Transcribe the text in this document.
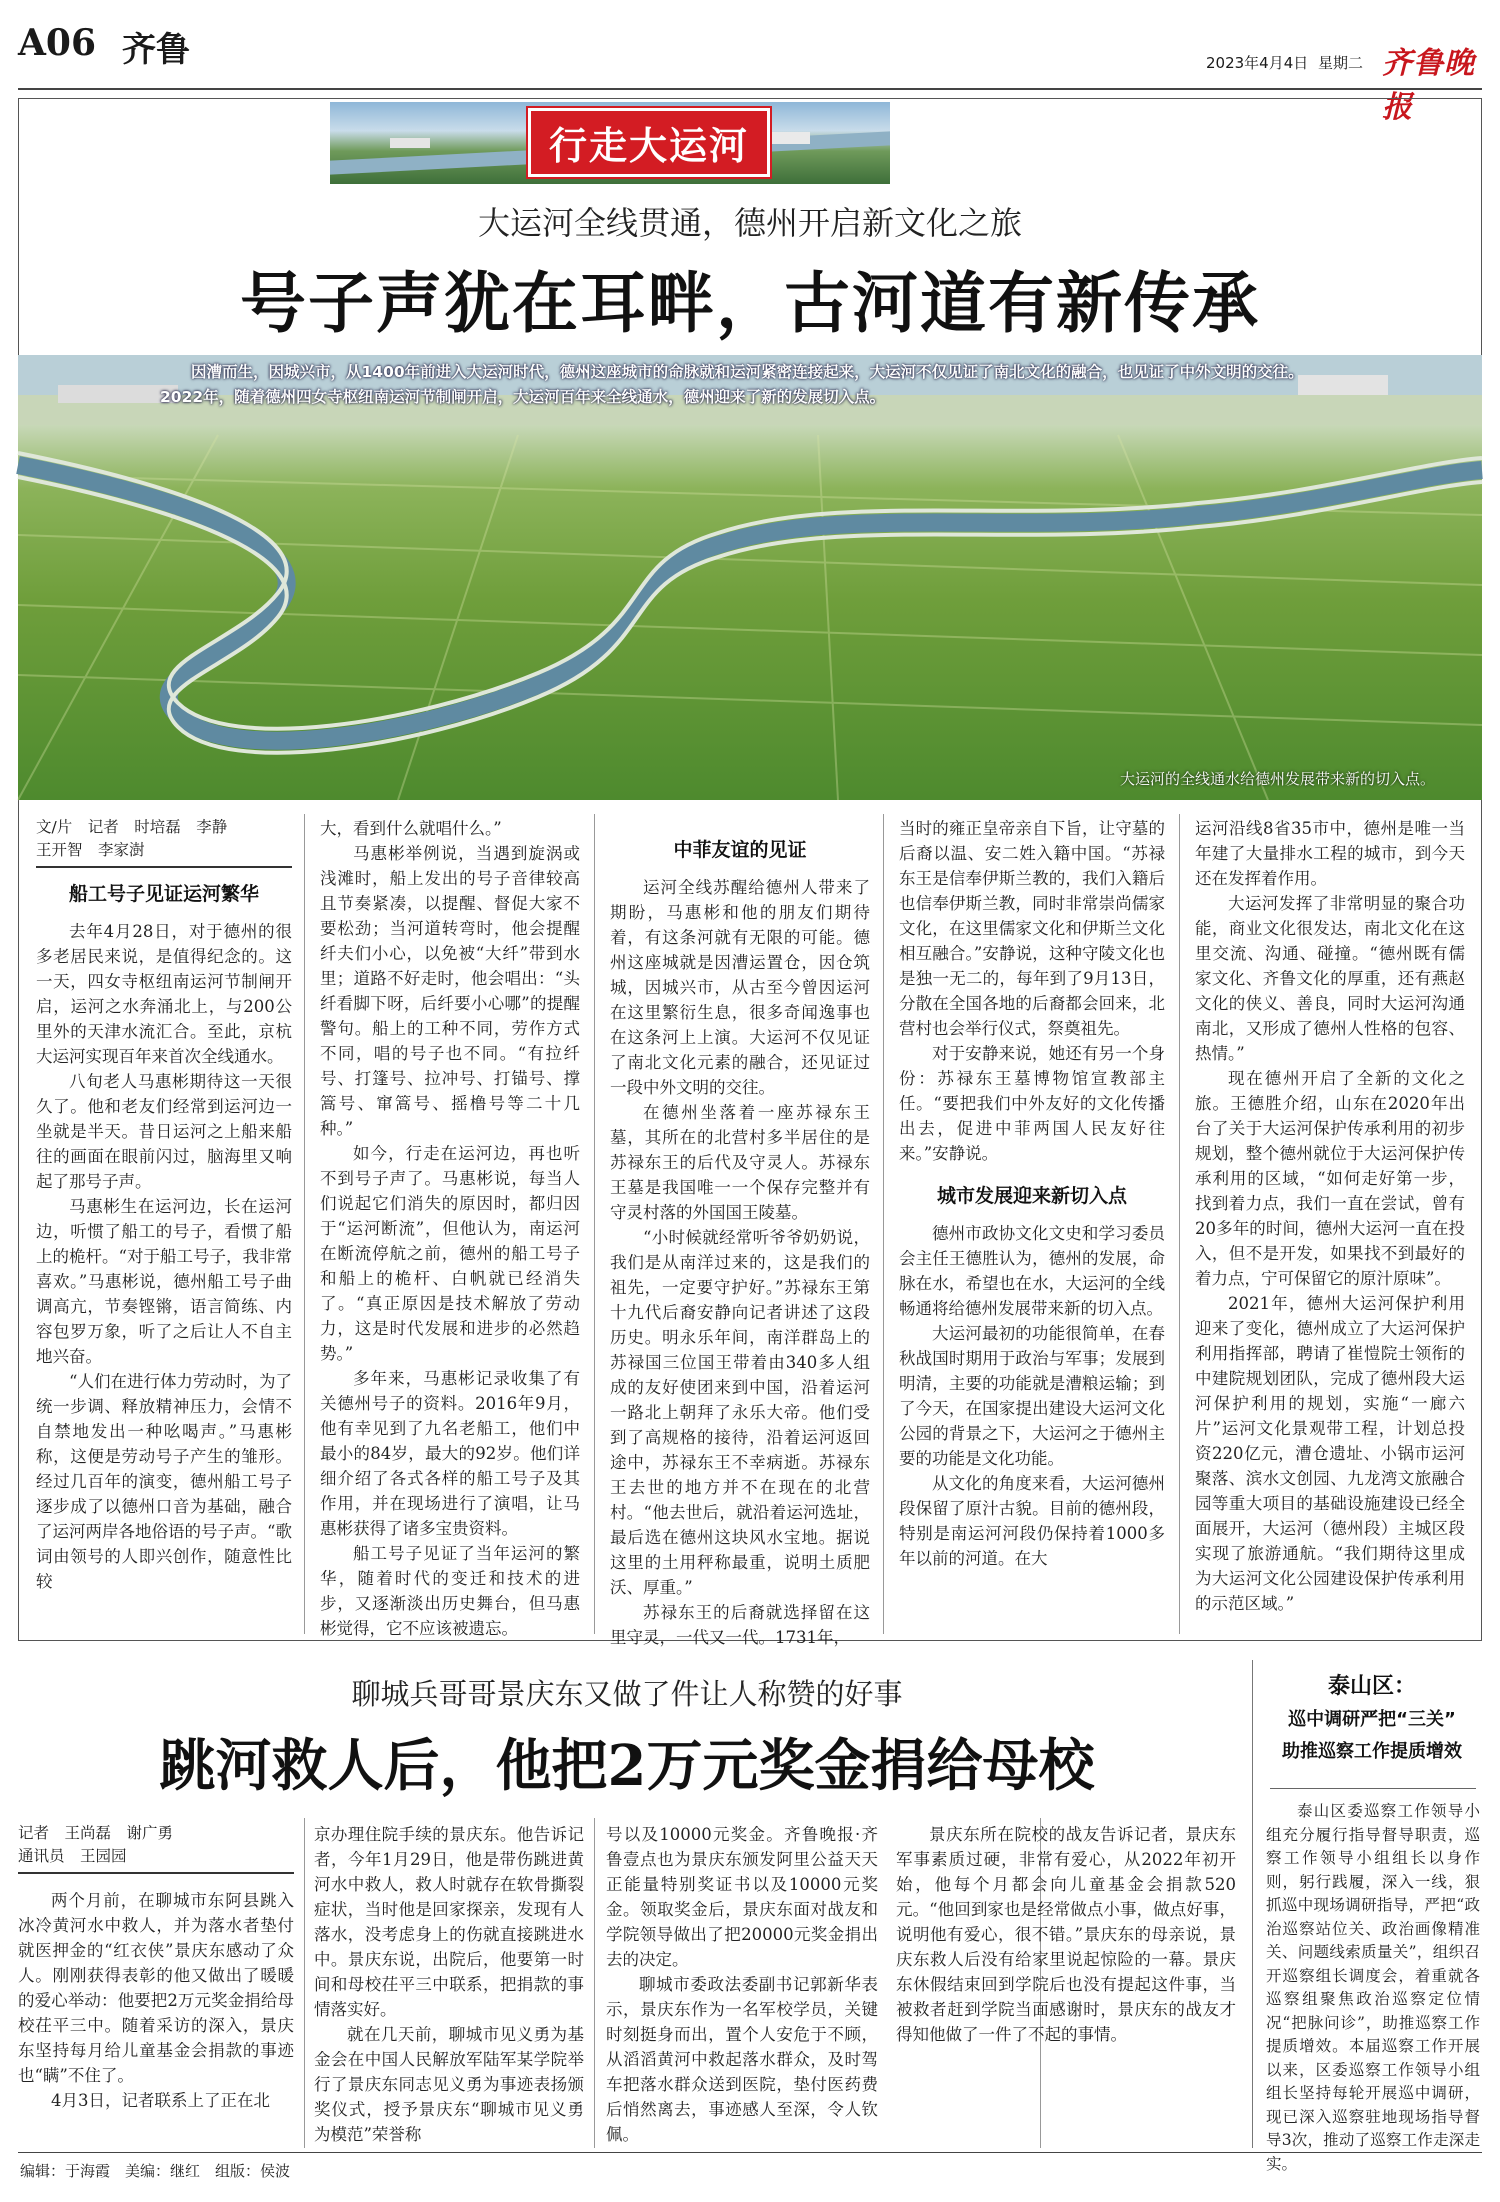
A06 齐鲁	2023年4月4日 星期二 齐鲁晚报
行走大运河
大运河全线贯通，德州开启新文化之旅
号子声犹在耳畔，古河道有新传承
因漕而生，因城兴市，从1400年前进入大运河时代，德州这座城市的命脉就和运河紧密连接起来，大运河不仅见证了南北文化的融合，也见证了中外文明的交往。2022年，随着德州四女寺枢纽南运河节制闸开启，大运河百年来全线通水，德州迎来了新的发展切入点。
大运河的全线通水给德州发展带来新的切入点。
文/片　记者　时培磊　李静
王开智　李家澍
船工号子见证运河繁华

去年4月28日，对于德州的很多老居民来说，是值得纪念的。这一天，四女寺枢纽南运河节制闸开启，运河之水奔涌北上，与200公里外的天津水流汇合。至此，京杭大运河实现百年来首次全线通水。

八旬老人马惠彬期待这一天很久了。他和老友们经常到运河边一坐就是半天。昔日运河之上船来船往的画面在眼前闪过，脑海里又响起了那号子声。

马惠彬生在运河边，长在运河边，听惯了船工的号子，看惯了船上的桅杆。“对于船工号子，我非常喜欢。”马惠彬说，德州船工号子曲调高亢，节奏铿锵，语言简练、内容包罗万象，听了之后让人不自主地兴奋。

“人们在进行体力劳动时，为了统一步调、释放精神压力，会情不自禁地发出一种吆喝声。”马惠彬称，这便是劳动号子产生的雏形。经过几百年的演变，德州船工号子逐步成了以德州口音为基础，融合了运河两岸各地俗语的号子声。“歌词由领号的人即兴创作，随意性比较

大，看到什么就唱什么。”

马惠彬举例说，当遇到旋涡或浅滩时，船上发出的号子音律较高且节奏紧凑，以提醒、督促大家不要松劲；当河道转弯时，他会提醒纤夫们小心，以免被“大纤”带到水里；道路不好走时，他会唱出：“头纤看脚下呀，后纤要小心哪”的提醒警句。船上的工种不同，劳作方式不同，唱的号子也不同。“有拉纤号、打篷号、拉冲号、打锚号、撑篙号、窜篙号、摇橹号等二十几种。”

如今，行走在运河边，再也听不到号子声了。马惠彬说，每当人们说起它们消失的原因时，都归因于“运河断流”，但他认为，南运河在断流停航之前，德州的船工号子和船上的桅杆、白帆就已经消失了。“真正原因是技术解放了劳动力，这是时代发展和进步的必然趋势。”

多年来，马惠彬记录收集了有关德州号子的资料。2016年9月，他有幸见到了九名老船工，他们中最小的84岁，最大的92岁。他们详细介绍了各式各样的船工号子及其作用，并在现场进行了演唱，让马惠彬获得了诸多宝贵资料。

船工号子见证了当年运河的繁华，随着时代的变迁和技术的进步，又逐渐淡出历史舞台，但马惠彬觉得，它不应该被遗忘。

中菲友谊的见证

运河全线苏醒给德州人带来了期盼，马惠彬和他的朋友们期待着，有这条河就有无限的可能。德州这座城就是因漕运置仓，因仓筑城，因城兴市，从古至今曾因运河在这里繁衍生息，很多奇闻逸事也在这条河上上演。大运河不仅见证了南北文化元素的融合，还见证过一段中外文明的交往。

在德州坐落着一座苏禄东王墓，其所在的北营村多半居住的是苏禄东王的后代及守灵人。苏禄东王墓是我国唯一一个保存完整并有守灵村落的外国国王陵墓。

“小时候就经常听爷爷奶奶说，我们是从南洋过来的，这是我们的祖先，一定要守护好。”苏禄东王第十九代后裔安静向记者讲述了这段历史。明永乐年间，南洋群岛上的苏禄国三位国王带着由340多人组成的友好使团来到中国，沿着运河一路北上朝拜了永乐大帝。他们受到了高规格的接待，沿着运河返回途中，苏禄东王不幸病逝。苏禄东王去世的地方并不在现在的北营村。“他去世后，就沿着运河选址，最后选在德州这块风水宝地。据说这里的土用秤称最重，说明土质肥沃、厚重。”

苏禄东王的后裔就选择留在这里守灵，一代又一代。1731年，

当时的雍正皇帝亲自下旨，让守墓的后裔以温、安二姓入籍中国。“苏禄东王是信奉伊斯兰教的，我们入籍后也信奉伊斯兰教，同时非常崇尚儒家文化，在这里儒家文化和伊斯兰文化相互融合。”安静说，这种守陵文化也是独一无二的，每年到了9月13日，分散在全国各地的后裔都会回来，北营村也会举行仪式，祭奠祖先。

对于安静来说，她还有另一个身份：苏禄东王墓博物馆宣教部主任。“要把我们中外友好的文化传播出去，促进中菲两国人民友好往来。”安静说。

城市发展迎来新切入点

德州市政协文化文史和学习委员会主任王德胜认为，德州的发展，命脉在水，希望也在水，大运河的全线畅通将给德州发展带来新的切入点。

大运河最初的功能很简单，在春秋战国时期用于政治与军事；发展到明清，主要的功能就是漕粮运输；到了今天，在国家提出建设大运河文化公园的背景之下，大运河之于德州主要的功能是文化功能。

从文化的角度来看，大运河德州段保留了原汁古貌。目前的德州段，特别是南运河河段仍保持着1000多年以前的河道。在大

运河沿线8省35市中，德州是唯一当年建了大量排水工程的城市，到今天还在发挥着作用。

大运河发挥了非常明显的聚合功能，商业文化很发达，南北文化在这里交流、沟通、碰撞。“德州既有儒家文化、齐鲁文化的厚重，还有燕赵文化的侠义、善良，同时大运河沟通南北，又形成了德州人性格的包容、热情。”

现在德州开启了全新的文化之旅。王德胜介绍，山东在2020年出台了关于大运河保护传承利用的初步规划，整个德州就位于大运河保护传承利用的区域，“如何走好第一步，找到着力点，我们一直在尝试，曾有20多年的时间，德州大运河一直在投入，但不是开发，如果找不到最好的着力点，宁可保留它的原汁原味”。

2021年，德州大运河保护利用迎来了变化，德州成立了大运河保护利用指挥部，聘请了崔愷院士领衔的中建院规划团队，完成了德州段大运河保护利用的规划，实施“一廊六片”运河文化景观带工程，计划总投资220亿元，漕仓遗址、小锅市运河聚落、滨水文创园、九龙湾文旅融合园等重大项目的基础设施建设已经全面展开，大运河（德州段）主城区段实现了旅游通航。“我们期待这里成为大运河文化公园建设保护传承利用的示范区域。”

聊城兵哥哥景庆东又做了件让人称赞的好事
跳河救人后，他把2万元奖金捐给母校
记者　王尚磊　谢广勇
通讯员　王园园

两个月前，在聊城市东阿县跳入冰冷黄河水中救人，并为落水者垫付就医押金的“红衣侠”景庆东感动了众人。刚刚获得表彰的他又做出了暖暖的爱心举动：他要把2万元奖金捐给母校茌平三中。随着采访的深入，景庆东坚持每月给儿童基金会捐款的事迹也“瞒”不住了。

4月3日，记者联系上了正在北

京办理住院手续的景庆东。他告诉记者，今年1月29日，他是带伤跳进黄河水中救人，救人时就存在软骨撕裂症状，当时他是回家探亲，发现有人落水，没考虑身上的伤就直接跳进水中。景庆东说，出院后，他要第一时间和母校茌平三中联系，把捐款的事情落实好。

就在几天前，聊城市见义勇为基金会在中国人民解放军陆军某学院举行了景庆东同志见义勇为事迹表扬颁奖仪式，授予景庆东“聊城市见义勇为模范”荣誉称

号以及10000元奖金。齐鲁晚报·齐鲁壹点也为景庆东颁发阿里公益天天正能量特别奖证书以及10000元奖金。领取奖金后，景庆东面对战友和学院领导做出了把20000元奖金捐出去的决定。

聊城市委政法委副书记郭新华表示，景庆东作为一名军校学员，关键时刻挺身而出，置个人安危于不顾，从滔滔黄河中救起落水群众，及时驾车把落水群众送到医院，垫付医药费后悄然离去，事迹感人至深，令人钦佩。

景庆东所在院校的战友告诉记者，景庆东军事素质过硬，非常有爱心，从2022年初开始，他每个月都会向儿童基金会捐款520元。“他回到家也是经常做点小事，做点好事，说明他有爱心，很不错。”景庆东的母亲说，景庆东救人后没有给家里说起惊险的一幕。景庆东休假结束回到学院后也没有提起这件事，当被救者赶到学院当面感谢时，景庆东的战友才得知他做了一件了不起的事情。

泰山区：
巡中调研严把“三关”
助推巡察工作提质增效

泰山区委巡察工作领导小组充分履行指导督导职责，巡察工作领导小组组长以身作则，躬行践履，深入一线，狠抓巡中现场调研指导，严把“政治巡察站位关、政治画像精准关、问题线索质量关”，组织召开巡察组长调度会，着重就各巡察组聚焦政治巡察定位情况“把脉问诊”，助推巡察工作提质增效。本届巡察工作开展以来，区委巡察工作领导小组组长坚持每轮开展巡中调研，现已深入巡察驻地现场指导督导3次，推动了巡察工作走深走实。

编辑：于海霞　美编：继红　组版：侯波
